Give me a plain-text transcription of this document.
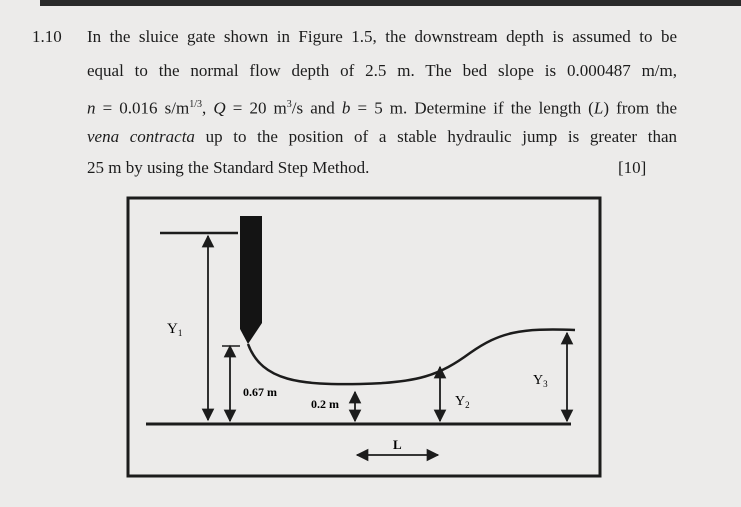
1.10 In the sluice gate shown in Figure 1.5, the downstream depth is assumed to be
equal to the normal flow depth of 2.5 m. The bed slope is 0.000487 m/m,
n = 0.016 $s/m^{1/3}$, Q = 20 $m^3/s$ and b = 5 m. Determine if the length (L) from the
vena contracta up to the position of a stable hydraulic jump is greater than
25 m by using the Standard Step Method.	[10]
$Y_1$
0.67 m
0.2 m	$Y_2$
$Y_3$
L
